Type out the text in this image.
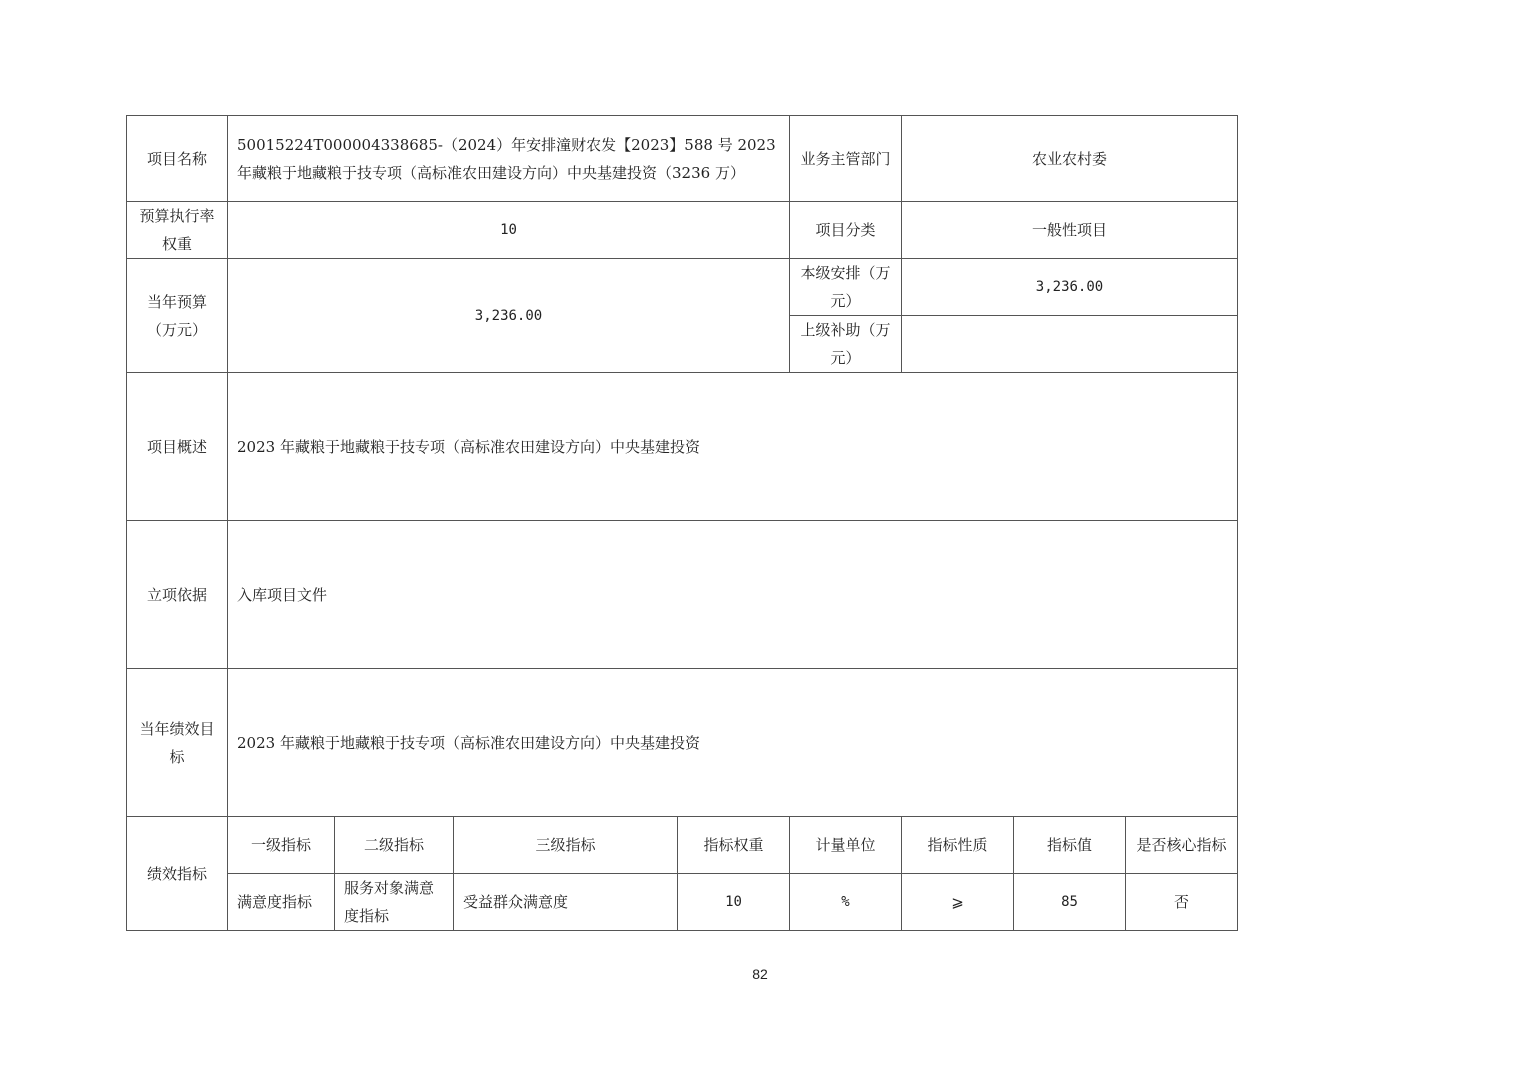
项目名称	50015224T000004338685-（2024）年安排潼财农发【2023】588 号 2023 年藏粮于地藏粮于技专项（高标准农田建设方向）中央基建投资（3236 万）				业务主管部门	农业农村委		
预算执行率权重	10				项目分类	一般性项目		
当年预算（万元）	3,236.00				本级安排（万元）	3,236.00		
					上级补助（万元）			
项目概述	2023 年藏粮于地藏粮于技专项（高标准农田建设方向）中央基建投资							
立项依据	入库项目文件							
当年绩效目标	2023 年藏粮于地藏粮于技专项（高标准农田建设方向）中央基建投资							
绩效指标	一级指标	二级指标	三级指标	指标权重	计量单位	指标性质	指标值	是否核心指标
	满意度指标	服务对象满意度指标	受益群众满意度	10	%	⩾	85	否
82
